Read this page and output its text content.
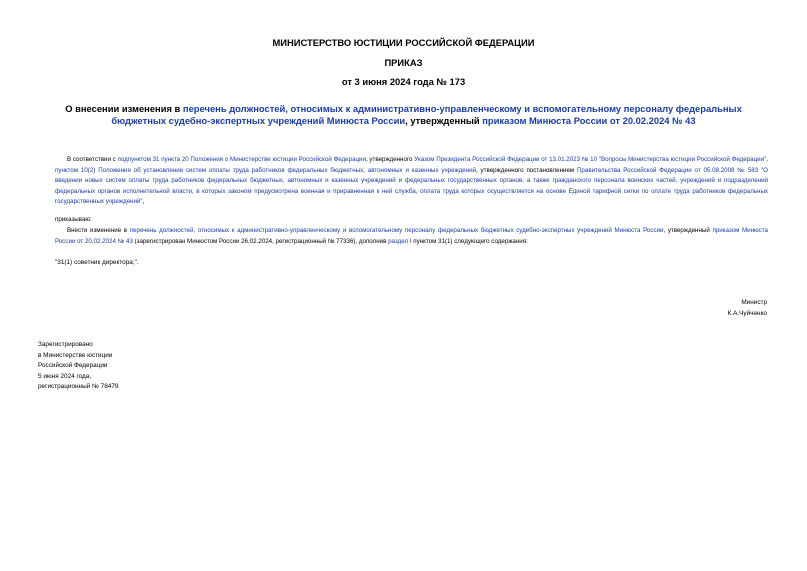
МИНИСТЕРСТВО ЮСТИЦИИ РОССИЙСКОЙ ФЕДЕРАЦИИ
ПРИКАЗ
от 3 июня 2024 года № 173
О внесении изменения в перечень должностей, относимых к административно-управленческому и вспомогательному персоналу федеральных бюджетных судебно-экспертных учреждений Минюста России, утвержденный приказом Минюста России от 20.02.2024 № 43
В соответствии с подпунктом 31 пункта 20 Положения о Министерстве юстиции Российской Федерации, утвержденного Указом Президента Российской Федерации от 13.01.2023 № 10 "Вопросы Министерства юстиции Российской Федерации", пунктом 10(2) Положения об установлении систем оплаты труда работников федеральных бюджетных, автономных и казенных учреждений, утвержденного постановлением Правительства Российской Федерации от 05.08.2008 № 583 "О введении новых систем оплаты труда работников федеральных бюджетных, автономных и казенных учреждений и федеральных государственных органов, а также гражданского персонала воинских частей, учреждений и подразделений федеральных органов исполнительной власти, в которых законом предусмотрена военная и приравненная к ней служба, оплата труда которых осуществляется на основе Единой тарифной сетки по оплате труда работников федеральных государственных учреждений",
приказываю:
Внести изменение в перечень должностей, относимых к административно-управленческому и вспомогательному персоналу федеральных бюджетных судебно-экспертных учреждений Минюста России, утвержденный приказом Минюста России от 20.02.2024 № 43 (зарегистрирован Минюстом России 26.02.2024, регистрационный № 77336), дополнив раздел I пунктом 31(1) следующего содержания:
"31(1) советник директора;".
Министр
К.А.Чуйченко
Зарегистрировано
в Министерстве юстиции
Российской Федерации
5 июня 2024 года,
регистрационный № 78479
